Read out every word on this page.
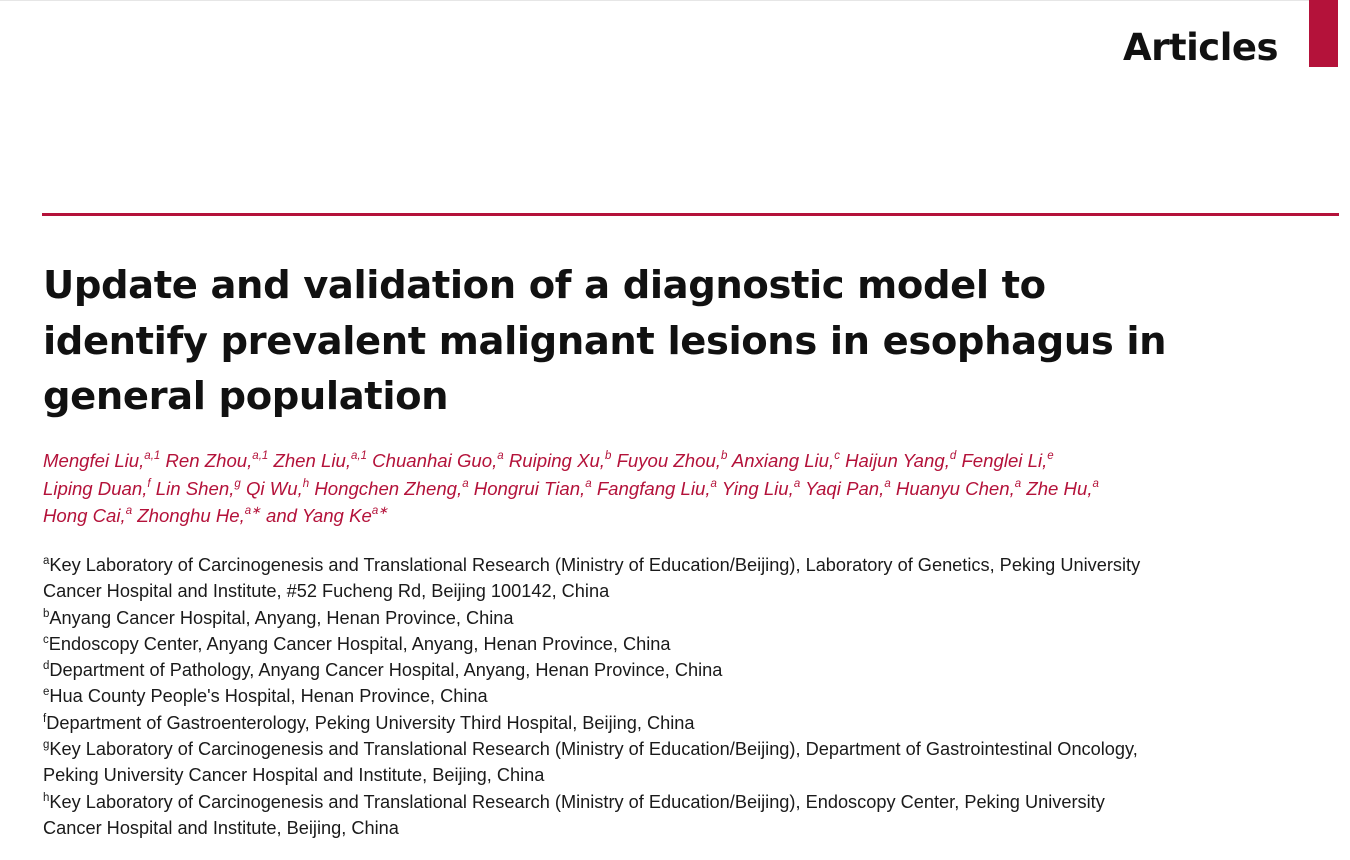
Articles
Update and validation of a diagnostic model to
identify prevalent malignant lesions in esophagus in
general population

Mengfei Liu,$^{a,1}$ Ren Zhou,$^{a,1}$ Zhen Liu,$^{a,1}$ Chuanhai Guo,$^a$ Ruiping Xu,$^b$ Fuyou Zhou,$^b$ Anxiang Liu,$^c$ Haijun Yang,$^d$ Fenglei Li,$^e$
Liping Duan,$^f$ Lin Shen,$^g$ Qi Wu,$^h$ Hongchen Zheng,$^a$ Hongrui Tian,$^a$ Fangfang Liu,$^a$ Ying Liu,$^a$ Yaqi Pan,$^a$ Huanyu Chen,$^a$ Zhe Hu,$^a$
Hong Cai,$^a$ Zhonghu He,$^{a∗}$ and Yang $Ke^{a∗}$

$^a$Key Laboratory of Carcinogenesis and Translational Research (Ministry of Education/Beijing), Laboratory of Genetics, Peking University Cancer Hospital and Institute, #52 Fucheng Rd, Beijing 100142, China
$^b$Anyang Cancer Hospital, Anyang, Henan Province, China
$^c$Endoscopy Center, Anyang Cancer Hospital, Anyang, Henan Province, China
$^d$Department of Pathology, Anyang Cancer Hospital, Anyang, Henan Province, China
$^e$Hua County People's Hospital, Henan Province, China
$^f$Department of Gastroenterology, Peking University Third Hospital, Beijing, China
$^g$Key Laboratory of Carcinogenesis and Translational Research (Ministry of Education/Beijing), Department of Gastrointestinal Oncology, Peking University Cancer Hospital and Institute, Beijing, China
$^h$Key Laboratory of Carcinogenesis and Translational Research (Ministry of Education/Beijing), Endoscopy Center, Peking University Cancer Hospital and Institute, Beijing, China
